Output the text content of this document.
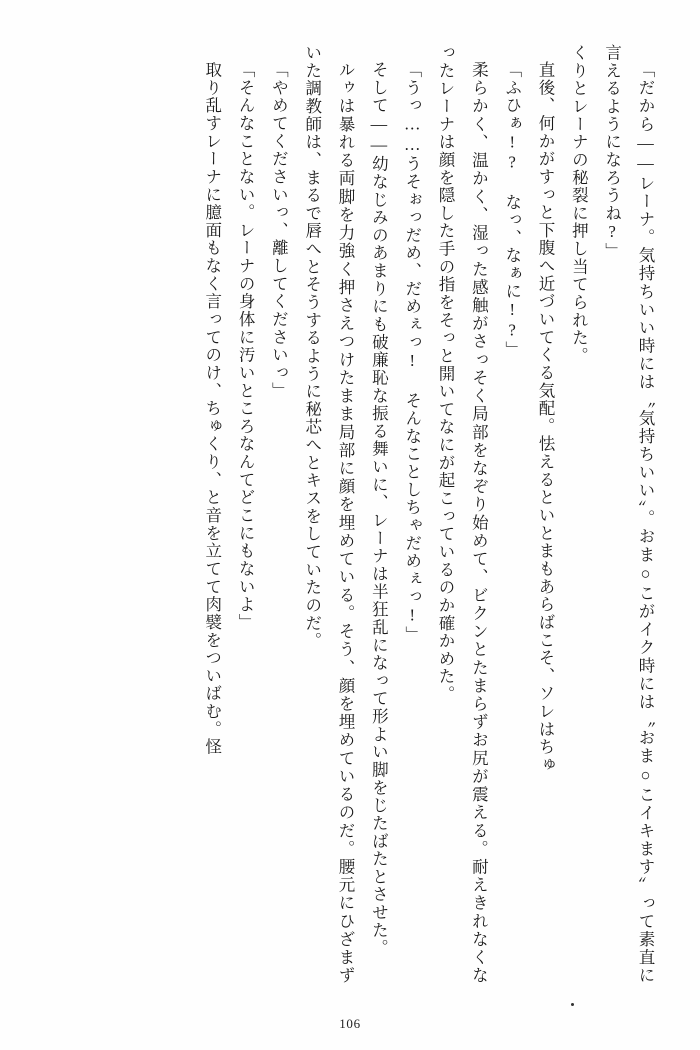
「だから――レーナ。気持ちいい時には〝気持ちいい〟。おま○こがイク時には〝おま○こイキます〟って素直に言えるようになろうね?」

くりとレーナの秘裂に押し当てられた。

直後、何かがすっと下腹へ近づいてくる気配。怯えるといとまもあらばこそ、ソレはちゅ

「ふひぁ!? なっ、なぁに!?」

柔らかく、温かく、湿った感触がさっそく局部をなぞり始めて、ビクンとたまらずお尻が震える。耐えきれなくなったレーナは顔を隠した手の指をそっと開いてなにが起こっているのか確かめた。

「うっ……うそぉっだめ、だめぇっ! そんなことしちゃだめぇっ!」

そして――幼なじみのあまりにも破廉恥な振る舞いに、レーナは半狂乱になって形よい脚をじたばたとさせた。

ルゥは暴れる両脚を力強く押さえつけたまま局部に顔を埋めている。そう、顔を埋めているのだ。腰元にひざまずいた調教師は、まるで唇へとそうするように秘芯へとキスをしていたのだ。

「やめてくださいっ、離してくださいっ」

「そんなことない。レーナの身体に汚いところなんてどこにもないよ」

取り乱すレーナに臆面もなく言ってのけ、ちゅくり、と音を立てて肉襞をついばむ。怪

106
